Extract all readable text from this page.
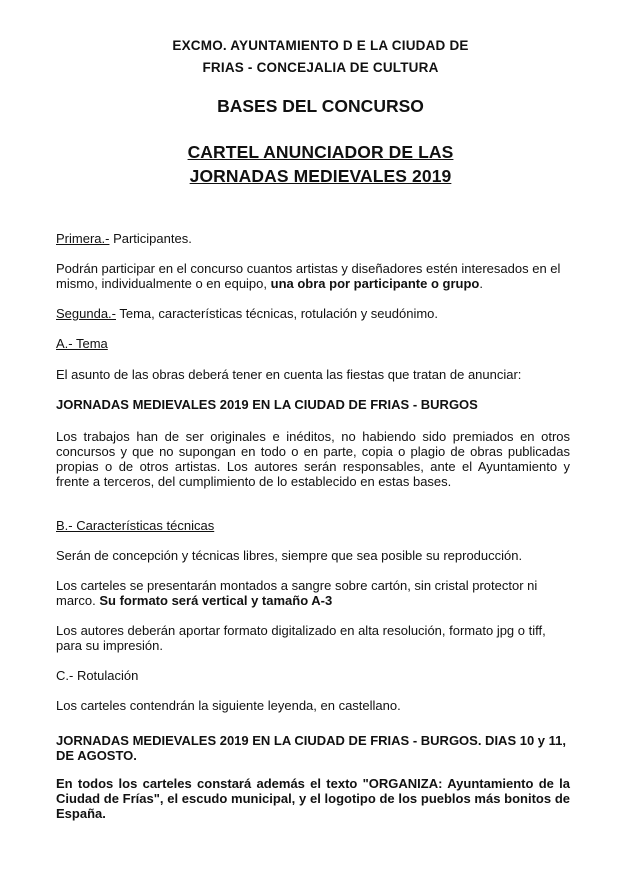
EXCMO. AYUNTAMIENTO D E LA CIUDAD DE
FRIAS - CONCEJALIA DE CULTURA
BASES DEL CONCURSO
CARTEL ANUNCIADOR DE LAS
JORNADAS MEDIEVALES 2019
Primera.- Participantes.
Podrán participar en el concurso cuantos artistas y diseñadores estén interesados en el mismo, individualmente o en equipo, una obra por participante o grupo.
Segunda.- Tema, características técnicas, rotulación y seudónimo.
A.- Tema
El asunto de las obras deberá tener en cuenta las fiestas que tratan de anunciar:
JORNADAS MEDIEVALES 2019 EN LA CIUDAD DE FRIAS - BURGOS
Los trabajos han de ser originales e inéditos, no habiendo sido premiados en otros concursos y que no supongan en todo o en parte, copia o plagio de obras publicadas propias o de otros artistas. Los autores serán responsables, ante el Ayuntamiento y frente a terceros, del cumplimiento de lo establecido en estas bases.
B.- Características técnicas
Serán de concepción y técnicas libres, siempre que sea posible su reproducción.
Los carteles se presentarán montados a sangre sobre cartón, sin cristal protector ni marco. Su formato será vertical y tamaño A-3
Los autores deberán aportar formato digitalizado en alta resolución, formato jpg o tiff, para su impresión.
C.- Rotulación
Los carteles contendrán la siguiente leyenda, en castellano.
JORNADAS MEDIEVALES 2019 EN LA CIUDAD DE FRIAS - BURGOS. DIAS 10 y 11, DE AGOSTO.
En todos los carteles constará además el texto "ORGANIZA: Ayuntamiento de la Ciudad de Frías", el escudo municipal, y el logotipo de los pueblos más bonitos de España.
